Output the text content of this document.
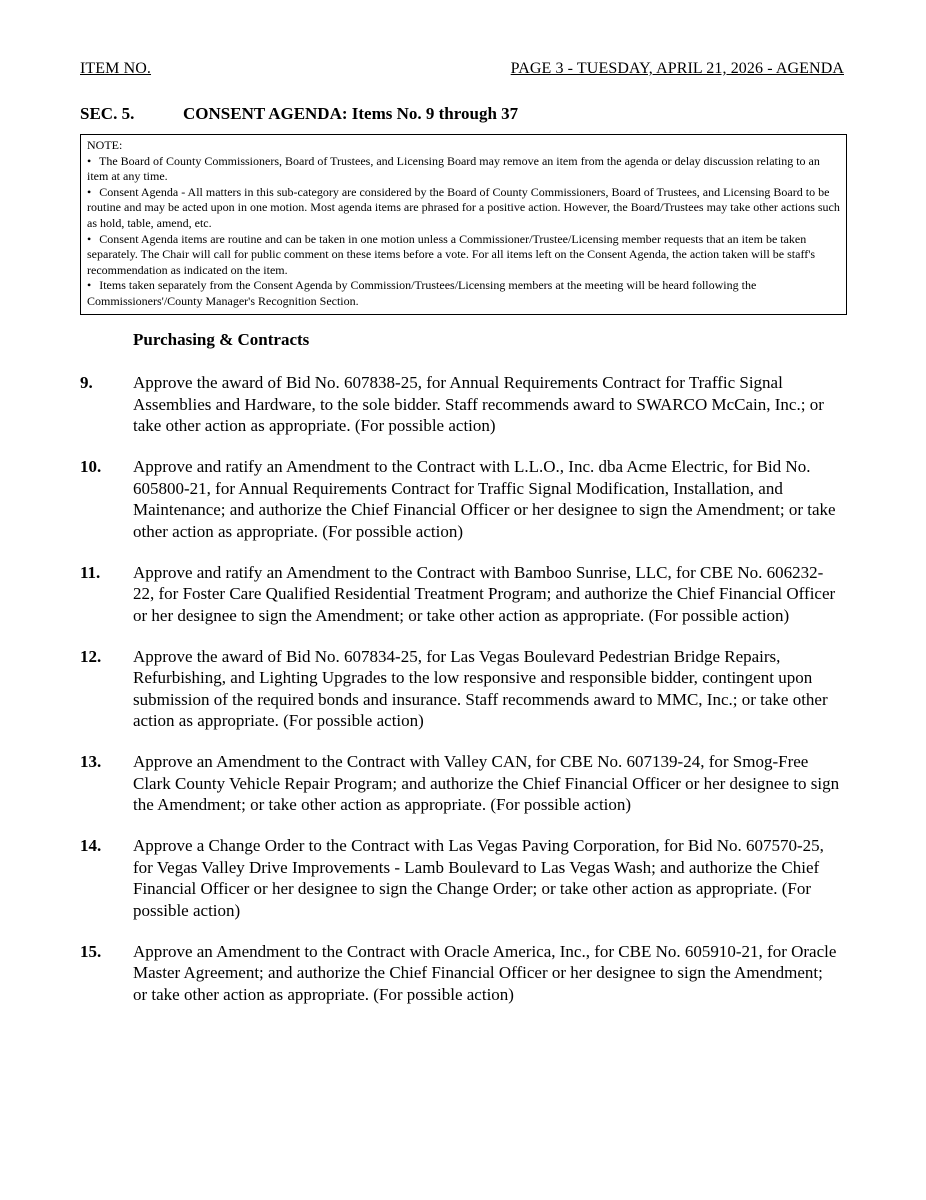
ITEM NO.	PAGE 3 - TUESDAY, APRIL 21, 2026 - AGENDA
SEC. 5.	CONSENT AGENDA: Items No. 9 through 37
NOTE:
• The Board of County Commissioners, Board of Trustees, and Licensing Board may remove an item from the agenda or delay discussion relating to an item at any time.
• Consent Agenda - All matters in this sub-category are considered by the Board of County Commissioners, Board of Trustees, and Licensing Board to be routine and may be acted upon in one motion. Most agenda items are phrased for a positive action. However, the Board/Trustees may take other actions such as hold, table, amend, etc.
• Consent Agenda items are routine and can be taken in one motion unless a Commissioner/Trustee/Licensing member requests that an item be taken separately. The Chair will call for public comment on these items before a vote. For all items left on the Consent Agenda, the action taken will be staff's recommendation as indicated on the item.
• Items taken separately from the Consent Agenda by Commission/Trustees/Licensing members at the meeting will be heard following the Commissioners'/County Manager's Recognition Section.
Purchasing & Contracts
9.	Approve the award of Bid No. 607838-25, for Annual Requirements Contract for Traffic Signal Assemblies and Hardware, to the sole bidder. Staff recommends award to SWARCO McCain, Inc.; or take other action as appropriate. (For possible action)
10.	Approve and ratify an Amendment to the Contract with L.L.O., Inc. dba Acme Electric, for Bid No. 605800-21, for Annual Requirements Contract for Traffic Signal Modification, Installation, and Maintenance; and authorize the Chief Financial Officer or her designee to sign the Amendment; or take other action as appropriate. (For possible action)
11.	Approve and ratify an Amendment to the Contract with Bamboo Sunrise, LLC, for CBE No. 606232-22, for Foster Care Qualified Residential Treatment Program; and authorize the Chief Financial Officer or her designee to sign the Amendment; or take other action as appropriate. (For possible action)
12.	Approve the award of Bid No. 607834-25, for Las Vegas Boulevard Pedestrian Bridge Repairs, Refurbishing, and Lighting Upgrades to the low responsive and responsible bidder, contingent upon submission of the required bonds and insurance. Staff recommends award to MMC, Inc.; or take other action as appropriate. (For possible action)
13.	Approve an Amendment to the Contract with Valley CAN, for CBE No. 607139-24, for Smog-Free Clark County Vehicle Repair Program; and authorize the Chief Financial Officer or her designee to sign the Amendment; or take other action as appropriate. (For possible action)
14.	Approve a Change Order to the Contract with Las Vegas Paving Corporation, for Bid No. 607570-25, for Vegas Valley Drive Improvements - Lamb Boulevard to Las Vegas Wash; and authorize the Chief Financial Officer or her designee to sign the Change Order; or take other action as appropriate. (For possible action)
15.	Approve an Amendment to the Contract with Oracle America, Inc., for CBE No. 605910-21, for Oracle Master Agreement; and authorize the Chief Financial Officer or her designee to sign the Amendment; or take other action as appropriate. (For possible action)
